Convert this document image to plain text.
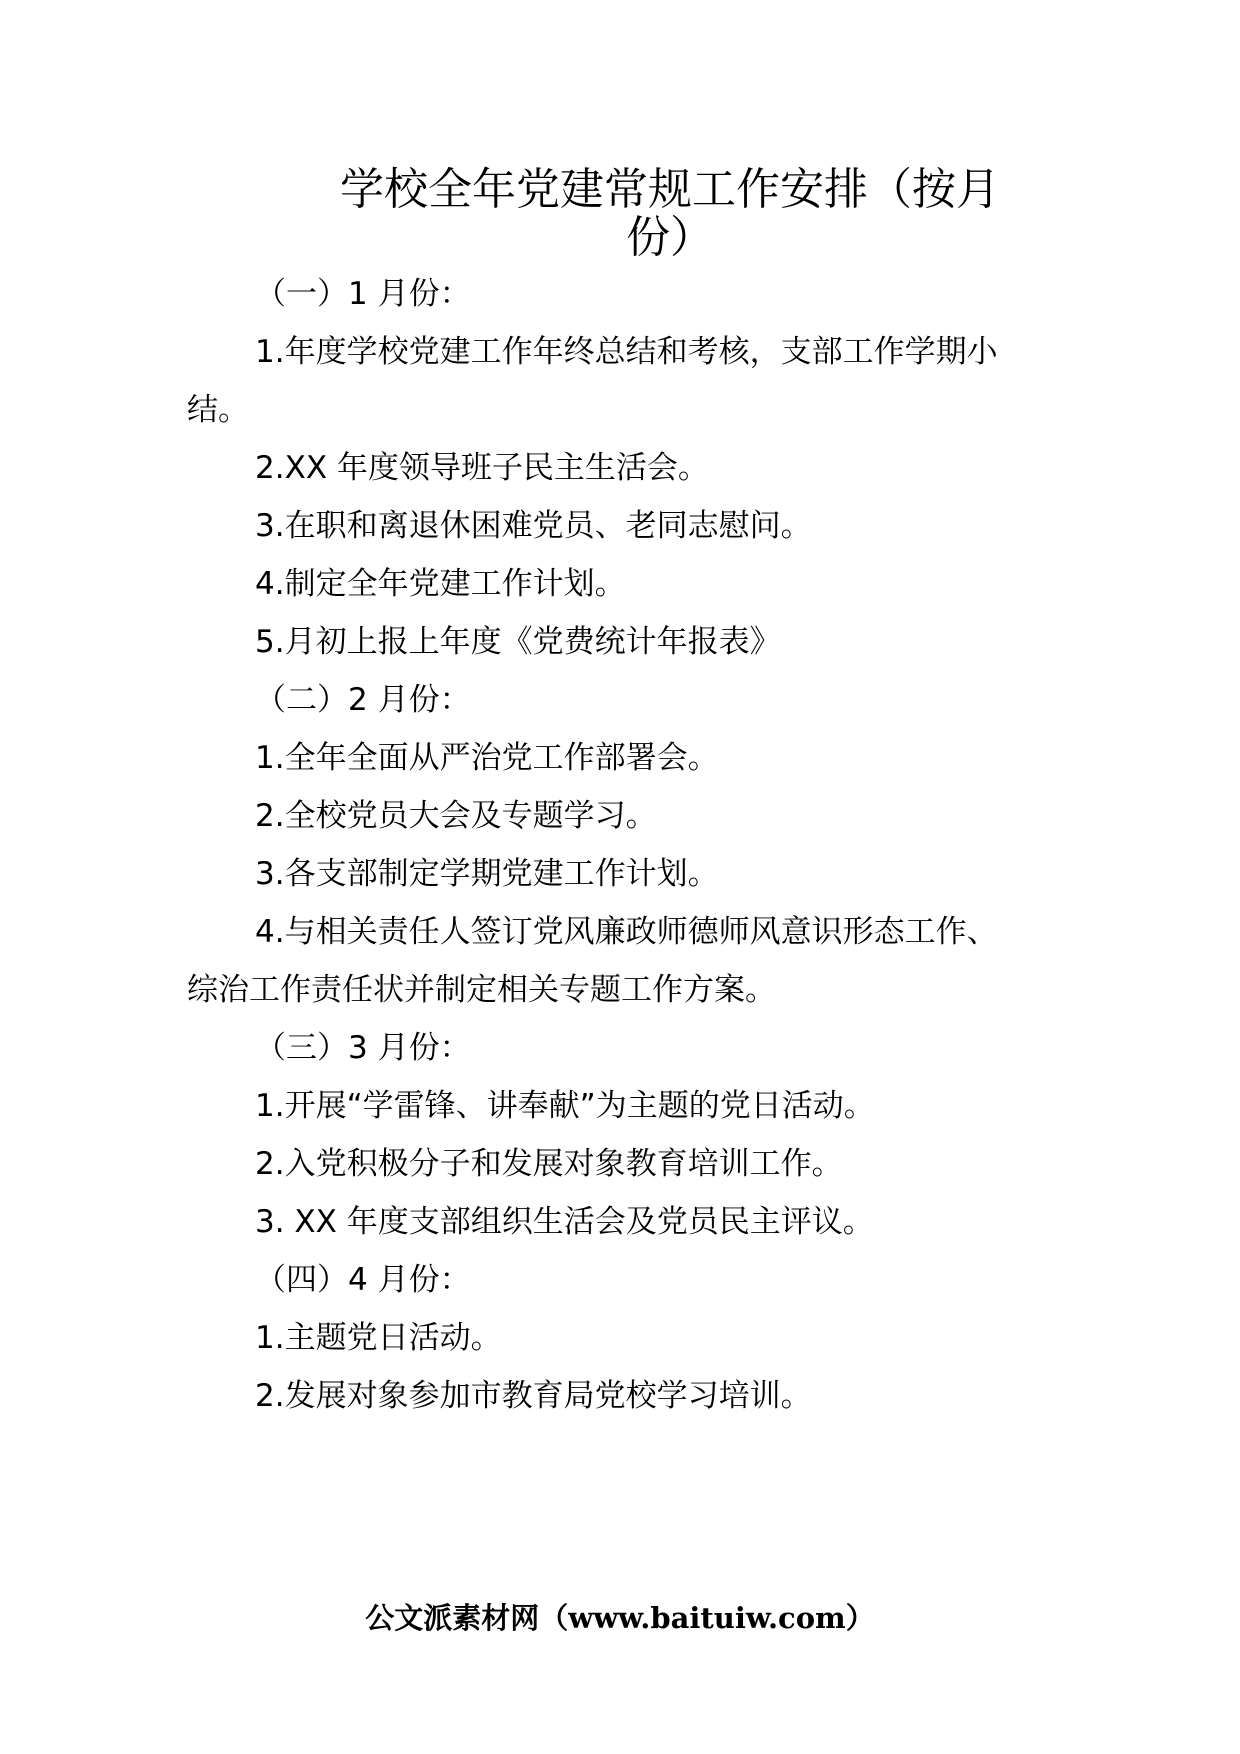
学校全年党建常规工作安排（按月
份）

（一）1 月份：

1.年度学校党建工作年终总结和考核，支部工作学期小

结。

2.XX 年度领导班子民主生活会。

3.在职和离退休困难党员、老同志慰问。

4.制定全年党建工作计划。

5.月初上报上年度《党费统计年报表》

（二）2 月份：

1.全年全面从严治党工作部署会。

2.全校党员大会及专题学习。

3.各支部制定学期党建工作计划。

4.与相关责任人签订党风廉政师德师风意识形态工作、

综治工作责任状并制定相关专题工作方案。

（三）3 月份：

1.开展“学雷锋、讲奉献”为主题的党日活动。

2.入党积极分子和发展对象教育培训工作。

3. XX 年度支部组织生活会及党员民主评议。

（四）4 月份：

1.主题党日活动。

2.发展对象参加市教育局党校学习培训。

公文派素材网（www.baituiw.com）
